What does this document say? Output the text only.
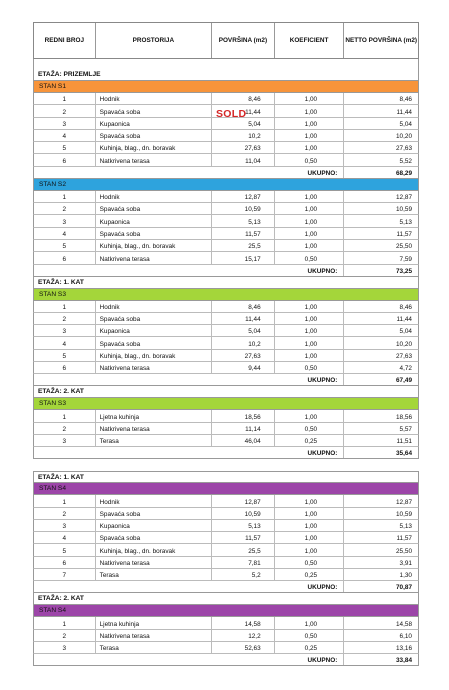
REDNI BROJ	PROSTORIJA	POVRŠINA (m2)	KOEFICIENT	NETTO POVRŠINA (m2)
ETAŽA: PRIZEMLJE
STAN S1
1	Hodnik	8,46	1,00	8,46
2	Spavaća soba	11,44	1,00	11,44
3	Kupaonica	5,04	1,00	5,04
4	Spavaća soba	10,2	1,00	10,20
5	Kuhinja, blag., dn. boravak	27,63	1,00	27,63
6	Natkrivena terasa	11,04	0,50	5,52
UKUPNO:	68,29
STAN S2
1	Hodnik	12,87	1,00	12,87
2	Spavaća soba	10,59	1,00	10,59
3	Kupaonica	5,13	1,00	5,13
4	Spavaća soba	11,57	1,00	11,57
5	Kuhinja, blag., dn. boravak	25,5	1,00	25,50
6	Natkrivena terasa	15,17	0,50	7,59
UKUPNO:	73,25
ETAŽA: 1. KAT
STAN S3
1	Hodnik	8,46	1,00	8,46
2	Spavaća soba	11,44	1,00	11,44
3	Kupaonica	5,04	1,00	5,04
4	Spavaća soba	10,2	1,00	10,20
5	Kuhinja, blag., dn. boravak	27,63	1,00	27,63
6	Natkrivena terasa	9,44	0,50	4,72
UKUPNO:	67,49
ETAŽA: 2. KAT
STAN S3
1	Ljetna kuhinja	18,56	1,00	18,56
2	Natkrivena terasa	11,14	0,50	5,57
3	Terasa	46,04	0,25	11,51
UKUPNO:	35,64
ETAŽA: 1. KAT
STAN S4
1	Hodnik	12,87	1,00	12,87
2	Spavaća soba	10,59	1,00	10,59
3	Kupaonica	5,13	1,00	5,13
4	Spavaća soba	11,57	1,00	11,57
5	Kuhinja, blag., dn. boravak	25,5	1,00	25,50
6	Natkrivena terasa	7,81	0,50	3,91
7	Terasa	5,2	0,25	1,30
UKUPNO:	70,87
ETAŽA: 2. KAT
STAN S4
1	Ljetna kuhinja	14,58	1,00	14,58
2	Natkrivena terasa	12,2	0,50	6,10
3	Terasa	52,63	0,25	13,16
UKUPNO:	33,84
SOLD
